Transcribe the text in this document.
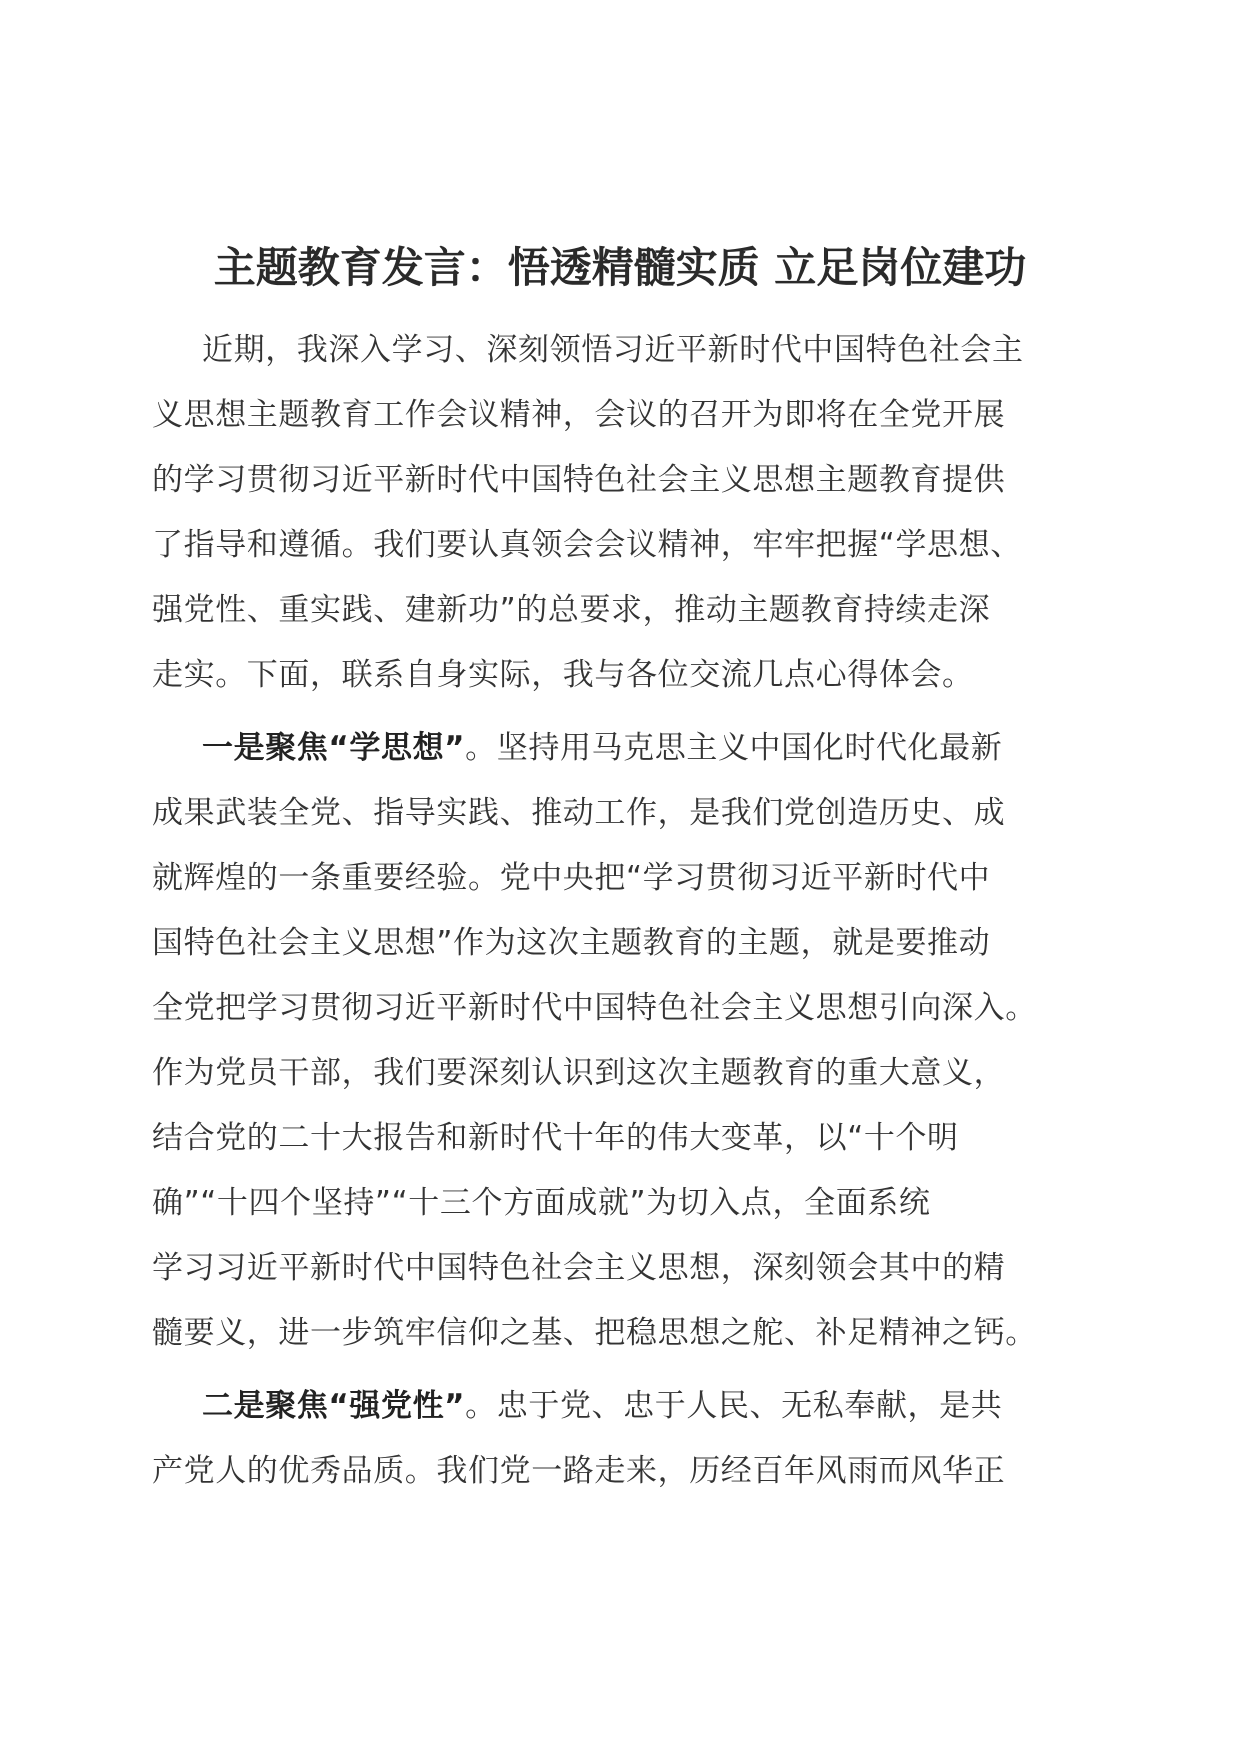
主题教育发言：悟透精髓实质 立足岗位建功
近期，我深入学习、深刻领悟习近平新时代中国特色社会主
义思想主题教育工作会议精神，会议的召开为即将在全党开展
的学习贯彻习近平新时代中国特色社会主义思想主题教育提供
了指导和遵循。我们要认真领会会议精神，牢牢把握“学思想、
强党性、重实践、建新功”的总要求，推动主题教育持续走深
走实。下面，联系自身实际，我与各位交流几点心得体会。
一是聚焦“学思想”。坚持用马克思主义中国化时代化最新
成果武装全党、指导实践、推动工作，是我们党创造历史、成
就辉煌的一条重要经验。党中央把“学习贯彻习近平新时代中
国特色社会主义思想”作为这次主题教育的主题，就是要推动
全党把学习贯彻习近平新时代中国特色社会主义思想引向深入。
作为党员干部，我们要深刻认识到这次主题教育的重大意义，
结合党的二十大报告和新时代十年的伟大变革，以“十个明
确”“十四个坚持”“十三个方面成就”为切入点，全面系统
学习习近平新时代中国特色社会主义思想，深刻领会其中的精
髓要义，进一步筑牢信仰之基、把稳思想之舵、补足精神之钙。
二是聚焦“强党性”。忠于党、忠于人民、无私奉献，是共
产党人的优秀品质。我们党一路走来，历经百年风雨而风华正
